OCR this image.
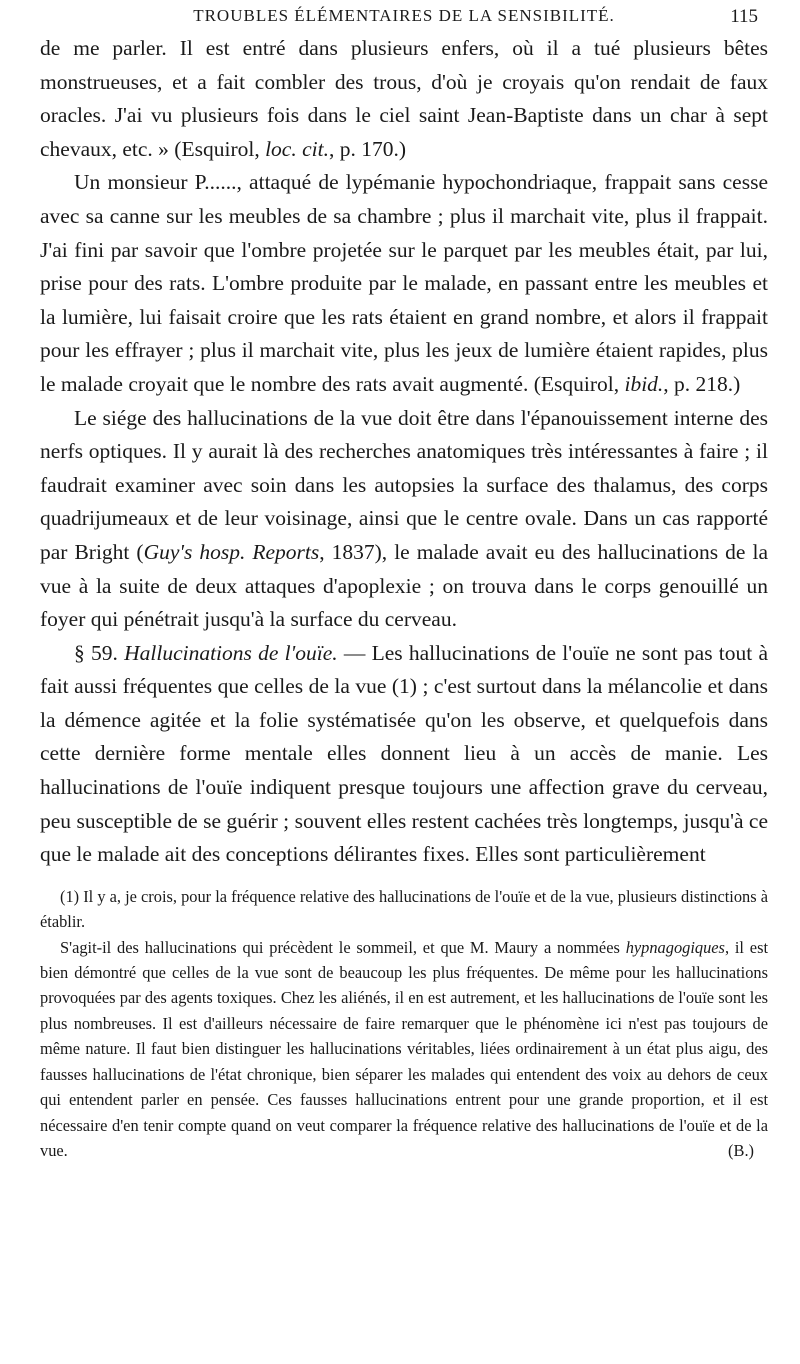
TROUBLES ÉLÉMENTAIRES DE LA SENSIBILITÉ.	115

de me parler. Il est entré dans plusieurs enfers, où il a tué plusieurs bêtes monstrueuses, et a fait combler des trous, d'où je croyais qu'on rendait de faux oracles. J'ai vu plusieurs fois dans le ciel saint Jean-Baptiste dans un char à sept chevaux, etc. » (Esquirol, loc. cit., p. 170.)

Un monsieur P......, attaqué de lypémanie hypochondriaque, frappait sans cesse avec sa canne sur les meubles de sa chambre ; plus il marchait vite, plus il frappait. J'ai fini par savoir que l'ombre projetée sur le parquet par les meubles était, par lui, prise pour des rats. L'ombre produite par le malade, en passant entre les meubles et la lumière, lui faisait croire que les rats étaient en grand nombre, et alors il frappait pour les effrayer ; plus il marchait vite, plus les jeux de lumière étaient rapides, plus le malade croyait que le nombre des rats avait augmenté. (Esquirol, ibid., p. 218.)

Le siége des hallucinations de la vue doit être dans l'épanouissement interne des nerfs optiques. Il y aurait là des recherches anatomiques très intéressantes à faire ; il faudrait examiner avec soin dans les autopsies la surface des thalamus, des corps quadrijumeaux et de leur voisinage, ainsi que le centre ovale. Dans un cas rapporté par Bright (Guy's hosp. Reports, 1837), le malade avait eu des hallucinations de la vue à la suite de deux attaques d'apoplexie ; on trouva dans le corps genouillé un foyer qui pénétrait jusqu'à la surface du cerveau.

§ 59. Hallucinations de l'ouïe. — Les hallucinations de l'ouïe ne sont pas tout à fait aussi fréquentes que celles de la vue (1) ; c'est surtout dans la mélancolie et dans la démence agitée et la folie systématisée qu'on les observe, et quelquefois dans cette dernière forme mentale elles donnent lieu à un accès de manie. Les hallucinations de l'ouïe indiquent presque toujours une affection grave du cerveau, peu susceptible de se guérir ; souvent elles restent cachées très longtemps, jusqu'à ce que le malade ait des conceptions délirantes fixes. Elles sont particulièrement

(1) Il y a, je crois, pour la fréquence relative des hallucinations de l'ouïe et de la vue, plusieurs distinctions à établir.

S'agit-il des hallucinations qui précèdent le sommeil, et que M. Maury a nommées hypnagogiques, il est bien démontré que celles de la vue sont de beaucoup les plus fréquentes. De même pour les hallucinations provoquées par des agents toxiques. Chez les aliénés, il en est autrement, et les hallucinations de l'ouïe sont les plus nombreuses. Il est d'ailleurs nécessaire de faire remarquer que le phénomène ici n'est pas toujours de même nature. Il faut bien distinguer les hallucinations véritables, liées ordinairement à un état plus aigu, des fausses hallucinations de l'état chronique, bien séparer les malades qui entendent des voix au dehors de ceux qui entendent parler en pensée. Ces fausses hallucinations entrent pour une grande proportion, et il est nécessaire d'en tenir compte quand on veut comparer la fréquence relative des hallucinations de l'ouïe et de la vue.	(B.)
